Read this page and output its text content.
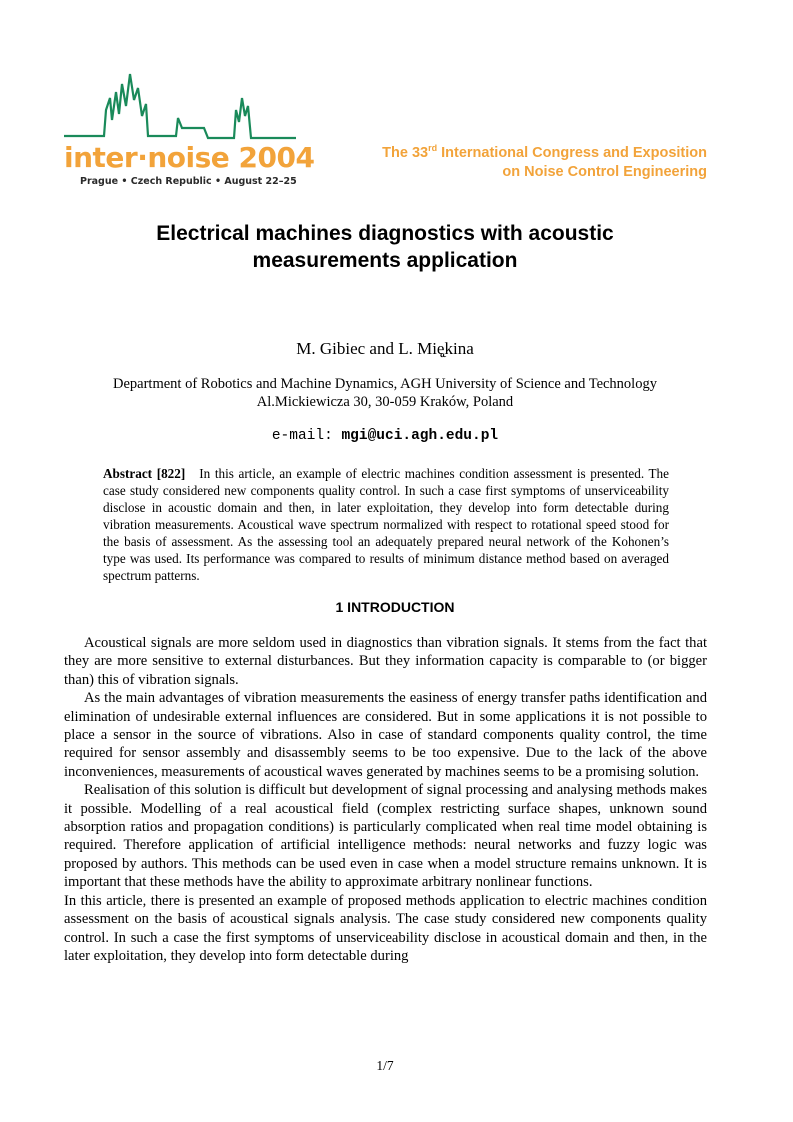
inter·noise 2004
Prague • Czech Republic • August 22–25
The 33rd International Congress and Exposition
on Noise Control Engineering
Electrical machines diagnostics with acoustic
measurements application
M. Gibiec and L. Mię̨kina
Department of Robotics and Machine Dynamics, AGH University of Science and Technology
Al.Mickiewicza 30, 30-059 Kraków, Poland
e-mail: mgi@uci.agh.edu.pl
Abstract [822] In this article, an example of electric machines condition assessment is presented. The case study considered new components quality control. In such a case first symptoms of unserviceability disclose in acoustic domain and then, in later exploitation, they develop into form detectable during vibration measurements. Acoustical wave spectrum normalized with respect to rotational speed stood for the basis of assessment. As the assessing tool an adequately prepared neural network of the Kohonen’s type was used. Its performance was compared to results of minimum distance method based on averaged spectrum patterns.
1 INTRODUCTION

Acoustical signals are more seldom used in diagnostics than vibration signals. It stems from the fact that they are more sensitive to external disturbances. But they information capacity is comparable to (or bigger than) this of vibration signals.

As the main advantages of vibration measurements the easiness of energy transfer paths identification and elimination of undesirable external influences are considered. But in some applications it is not possible to place a sensor in the source of vibrations. Also in case of standard components quality control, the time required for sensor assembly and disassembly seems to be too expensive. Due to the lack of the above inconveniences, measurements of acoustical waves generated by machines seems to be a promising solution.

Realisation of this solution is difficult but development of signal processing and analysing methods makes it possible. Modelling of a real acoustical field (complex restricting surface shapes, unknown sound absorption ratios and propagation conditions) is particularly complicated when real time model obtaining is required. Therefore application of artificial intelligence methods: neural networks and fuzzy logic was proposed by authors. This methods can be used even in case when a model structure remains unknown. It is important that these methods have the ability to approximate arbitrary nonlinear functions.

In this article, there is presented an example of proposed methods application to electric machines condition assessment on the basis of acoustical signals analysis. The case study considered new components quality control. In such a case the first symptoms of unserviceability disclose in acoustical domain and then, in the later exploitation, they develop into form detectable during

1/7
